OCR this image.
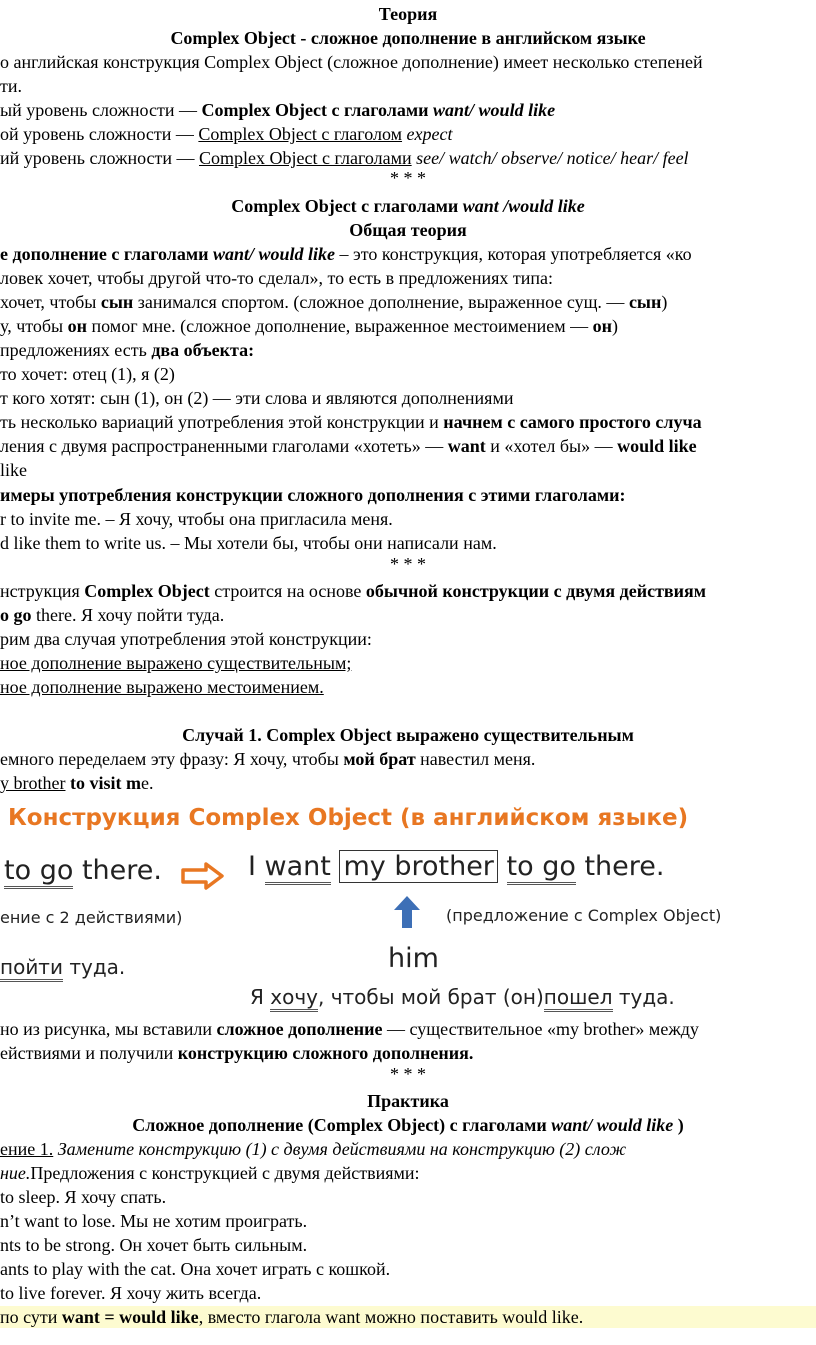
Теория
Complex Object - сложное дополнение в английском языке
о английская конструкция Complex Object (сложное дополнение) имеет несколько степеней
ти.
ый уровень сложности — Complex Object с глаголами want/ would like
ой уровень сложности — Complex Object с глаголом expect
ий уровень сложности — Complex Object с глаголами see/ watch/ observe/ notice/ hear/ feel
* * *
Complex Object с глаголами want /would like
Общая теория
е дополнение с глаголами want/ would like – это конструкция, которая употребляется «ко
ловек хочет, чтобы другой что-то сделал», то есть в предложениях типа:
хочет, чтобы сын занимался спортом. (сложное дополнение, выраженное сущ. — сын)
у, чтобы он помог мне. (сложное дополнение, выраженное местоимением — он)
предложениях есть два объекта:
то хочет: отец (1), я (2)
т кого хотят: сын (1), он (2) — эти слова и являются дополнениями
ть несколько вариаций употребления этой конструкции и начнем с самого простого случа
ления с двумя распространенными глаголами «хотеть» — want и «хотел бы» — would like
like
имеры употребления конструкции сложного дополнения с этими глаголами:
r to invite me. – Я хочу, чтобы она пригласила меня.
d like them to write us. – Мы хотели бы, чтобы они написали нам.
* * *
нструкция Complex Object строится на основе обычной конструкции с двумя действиям
o go there. Я хочу пойти туда.
рим два случая употребления этой конструкции:
ное дополнение выражено существительным;
ное дополнение выражено местоимением.
Случай 1. Complex Object выражено существительным
емного переделаем эту фразу: Я хочу, чтобы мой брат навестил меня.
y brother to visit me.
Конструкция Complex Object (в английском языке)
to go there.	I want my brother to go there.
ение с 2 действиями)	(предложение с Complex Object)
пойти туда.	him
Я хочу, чтобы мой брат (он)пошел туда.
но из рисунка, мы вставили сложное дополнение — существительное «my brother» между
ействиями и получили конструкцию сложного дополнения.
* * *
Практика
Сложное дополнение (Complex Object) с глаголами want/ would like )
ение 1. Замените конструкцию (1) с двумя действиями на конструкцию (2) слож
ние.Предложения с конструкцией с двумя действиями:
to sleep. Я хочу спать.
n’t want to lose. Мы не хотим проиграть.
nts to be strong. Он хочет быть сильным.
ants to play with the cat. Она хочет играть с кошкой.
to live forever. Я хочу жить всегда.
по сути want = would like, вместо глагола want можно поставить would like.
